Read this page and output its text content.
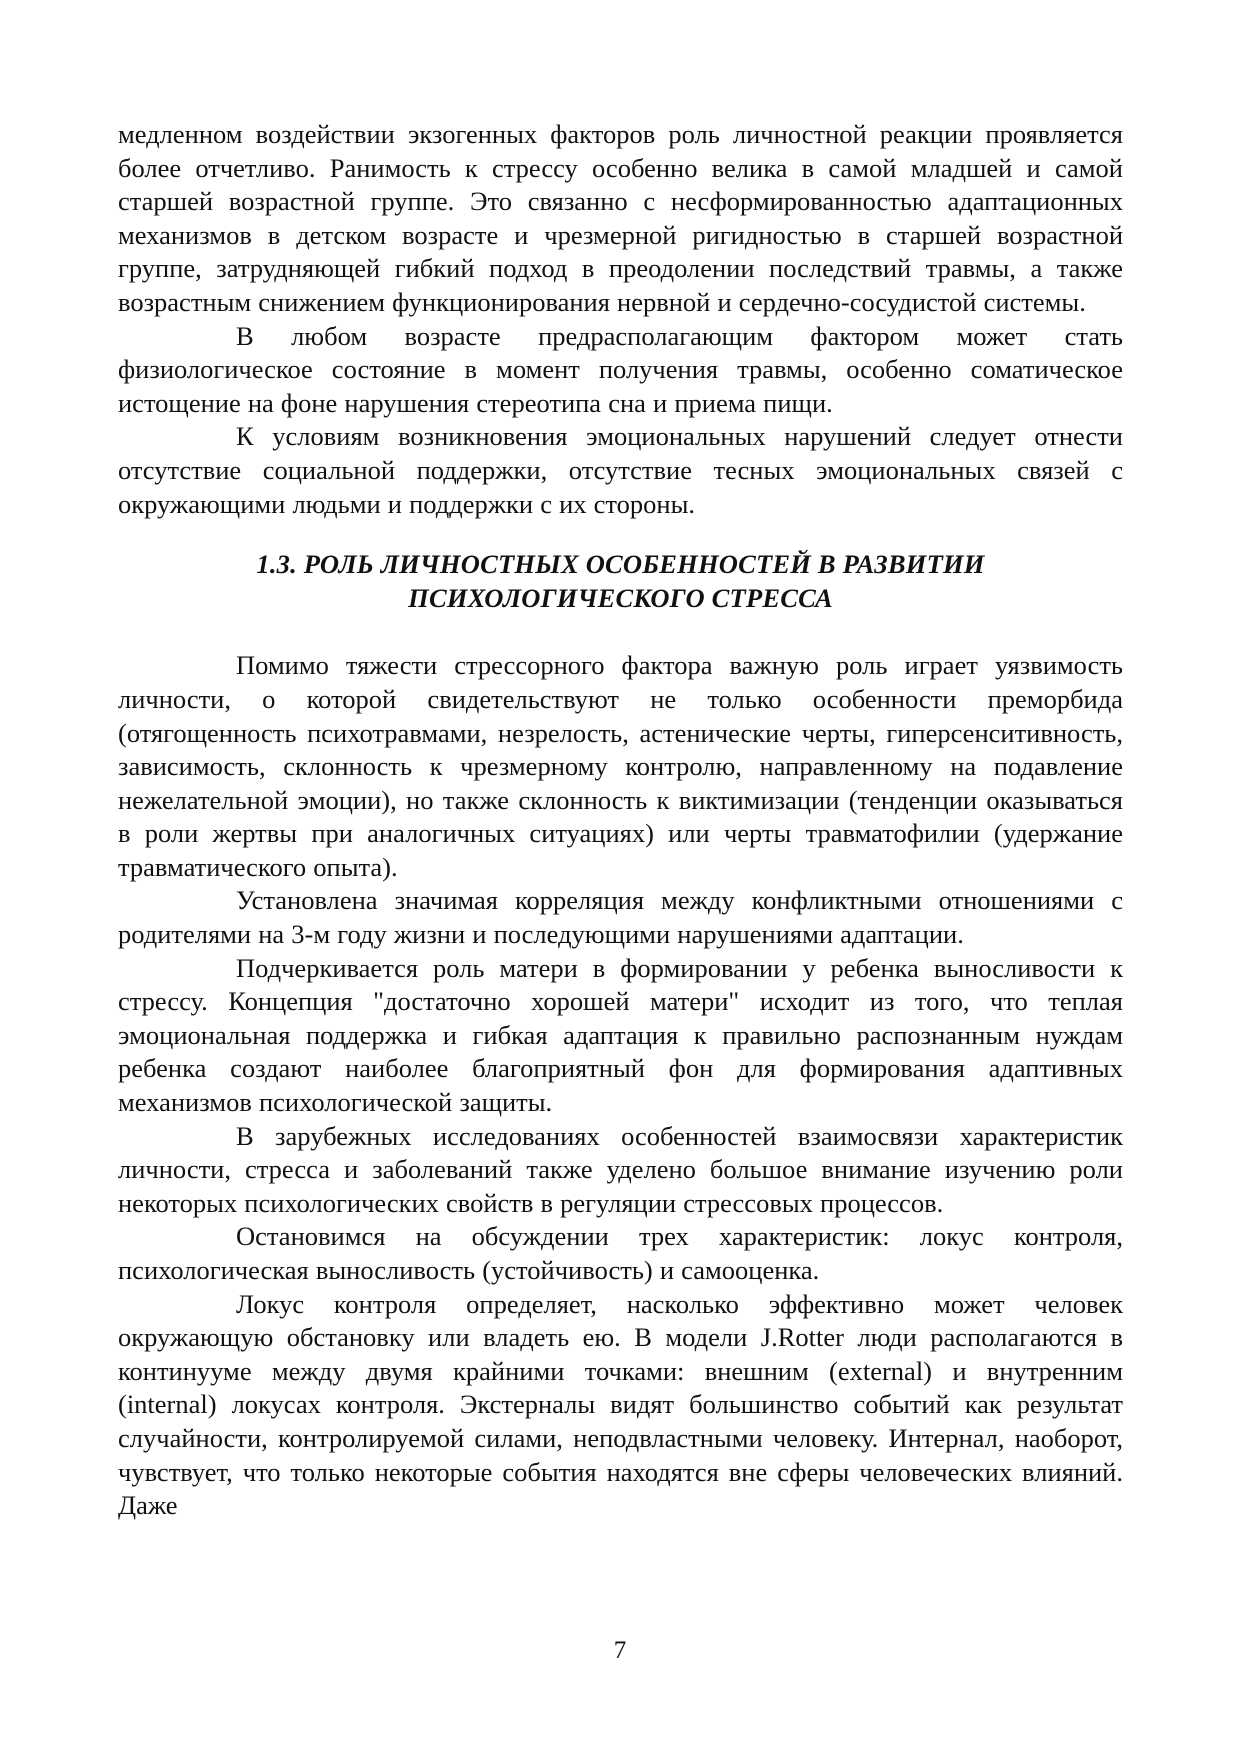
медленном воздействии экзогенных факторов роль личностной реакции проявляется более отчетливо. Ранимость к стрессу особенно велика в самой младшей и самой старшей возрастной группе. Это связанно с несформированностью адаптационных механизмов в детском возрасте и чрезмерной ригидностью в старшей возрастной группе, затрудняющей гибкий подход в преодолении последствий травмы, а также возрастным снижением функционирования нервной и сердечно-сосудистой системы.

В любом возрасте предрасполагающим фактором может стать физиологическое состояние в момент получения травмы, особенно соматическое истощение на фоне нарушения стереотипа сна и приема пищи.

К условиям возникновения эмоциональных нарушений следует отнести отсутствие социальной поддержки, отсутствие тесных эмоциональных связей с окружающими людьми и поддержки с их стороны.

1.3. РОЛЬ ЛИЧНОСТНЫХ ОСОБЕННОСТЕЙ В РАЗВИТИИ
ПСИХОЛОГИЧЕСКОГО СТРЕССА

Помимо тяжести стрессорного фактора важную роль играет уязвимость личности, о которой свидетельствуют не только особенности преморбида (отягощенность психотравмами, незрелость, астенические черты, гиперсенситивность, зависимость, склонность к чрезмерному контролю, направленному на подавление нежелательной эмоции), но также склонность к виктимизации (тенденции оказываться в роли жертвы при аналогичных ситуациях) или черты травматофилии (удержание травматического опыта).

Установлена значимая корреляция между конфликтными отношениями с родителями на 3-м году жизни и последующими нарушениями адаптации.

Подчеркивается роль матери в формировании у ребенка выносливости к стрессу. Концепция "достаточно хорошей матери" исходит из того, что теплая эмоциональная поддержка и гибкая адаптация к правильно распознанным нуждам ребенка создают наиболее благоприятный фон для формирования адаптивных механизмов психологической защиты.

В зарубежных исследованиях особенностей взаимосвязи характеристик личности, стресса и заболеваний также уделено большое внимание изучению роли некоторых психологических свойств в регуляции стрессовых процессов.

Остановимся на обсуждении трех характеристик: локус контроля, психологическая выносливость (устойчивость) и самооценка.

Локус контроля определяет, насколько эффективно может человек окружающую обстановку или владеть ею. В модели J.Rotter люди располагаются в континууме между двумя крайними точками: внешним (external) и внутренним (internal) локусах контроля. Экстерналы видят большинство событий как результат случайности, контролируемой силами, неподвластными человеку. Интернал, наоборот, чувствует, что только некоторые события находятся вне сферы человеческих влияний. Даже

7
